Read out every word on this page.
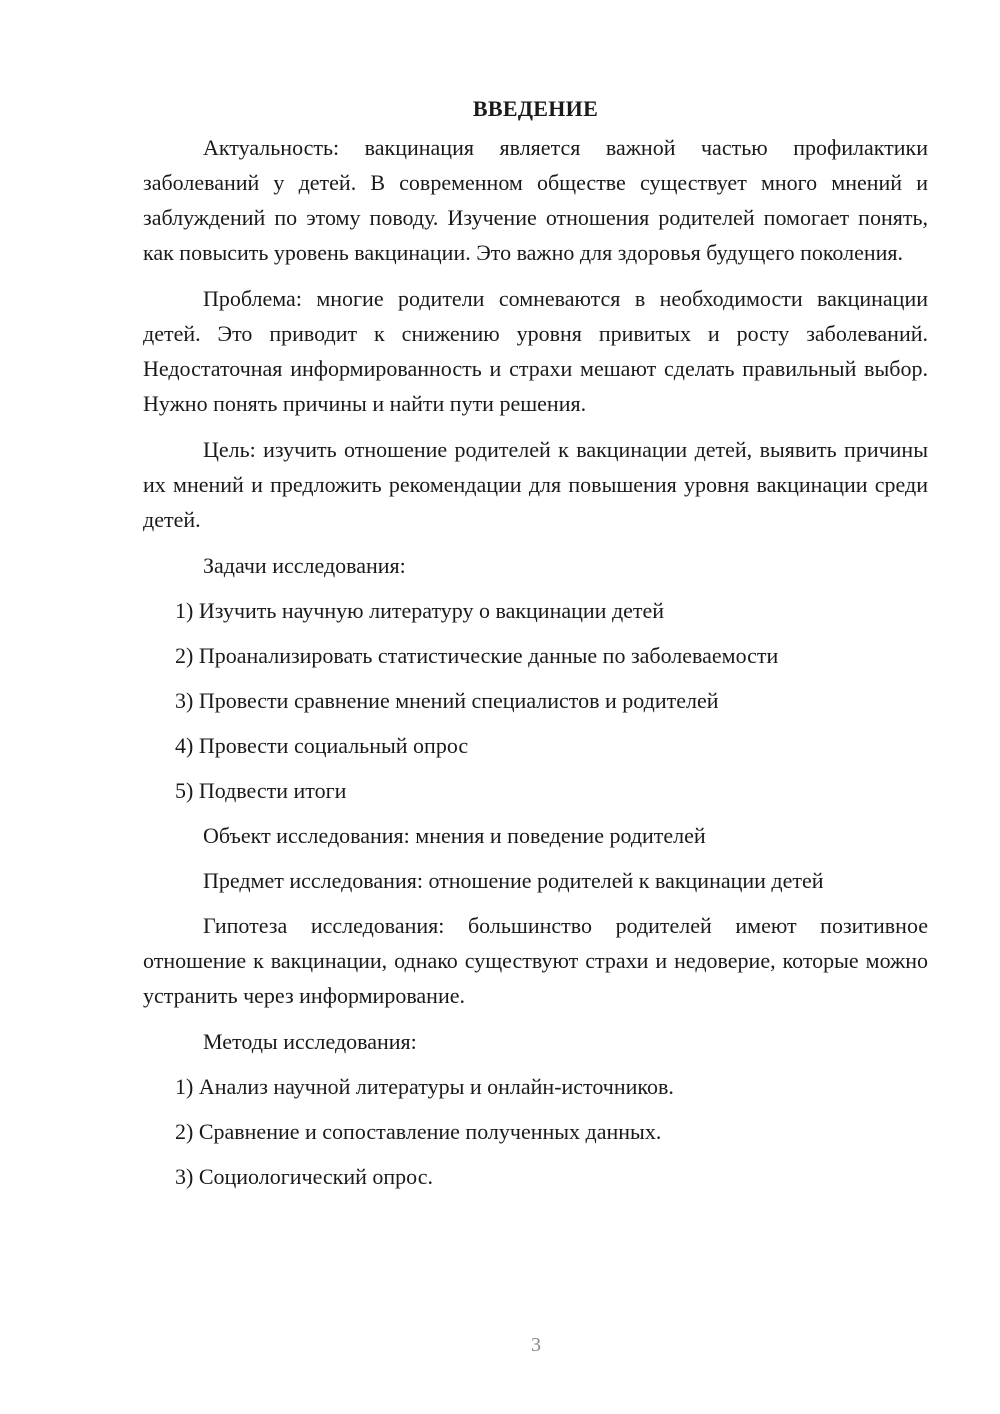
ВВЕДЕНИЕ

Актуальность: вакцинация является важной частью профилактики заболеваний у детей. В современном обществе существует много мнений и заблуждений по этому поводу. Изучение отношения родителей помогает понять, как повысить уровень вакцинации. Это важно для здоровья будущего поколения.

Проблема: многие родители сомневаются в необходимости вакцинации детей. Это приводит к снижению уровня привитых и росту заболеваний. Недостаточная информированность и страхи мешают сделать правильный выбор. Нужно понять причины и найти пути решения.

Цель: изучить отношение родителей к вакцинации детей, выявить причины их мнений и предложить рекомендации для повышения уровня вакцинации среди детей.

Задачи исследования:
1) Изучить научную литературу о вакцинации детей
2) Проанализировать статистические данные по заболеваемости
3) Провести сравнение мнений специалистов и родителей
4) Провести социальный опрос
5) Подвести итоги
Объект исследования: мнения и поведение родителей
Предмет исследования: отношение родителей к вакцинации детей

Гипотеза исследования: большинство родителей имеют позитивное отношение к вакцинации, однако существуют страхи и недоверие, которые можно устранить через информирование.

Методы исследования:
1) Анализ научной литературы и онлайн-источников.
2) Сравнение и сопоставление полученных данных.
3) Социологический опрос.
3
